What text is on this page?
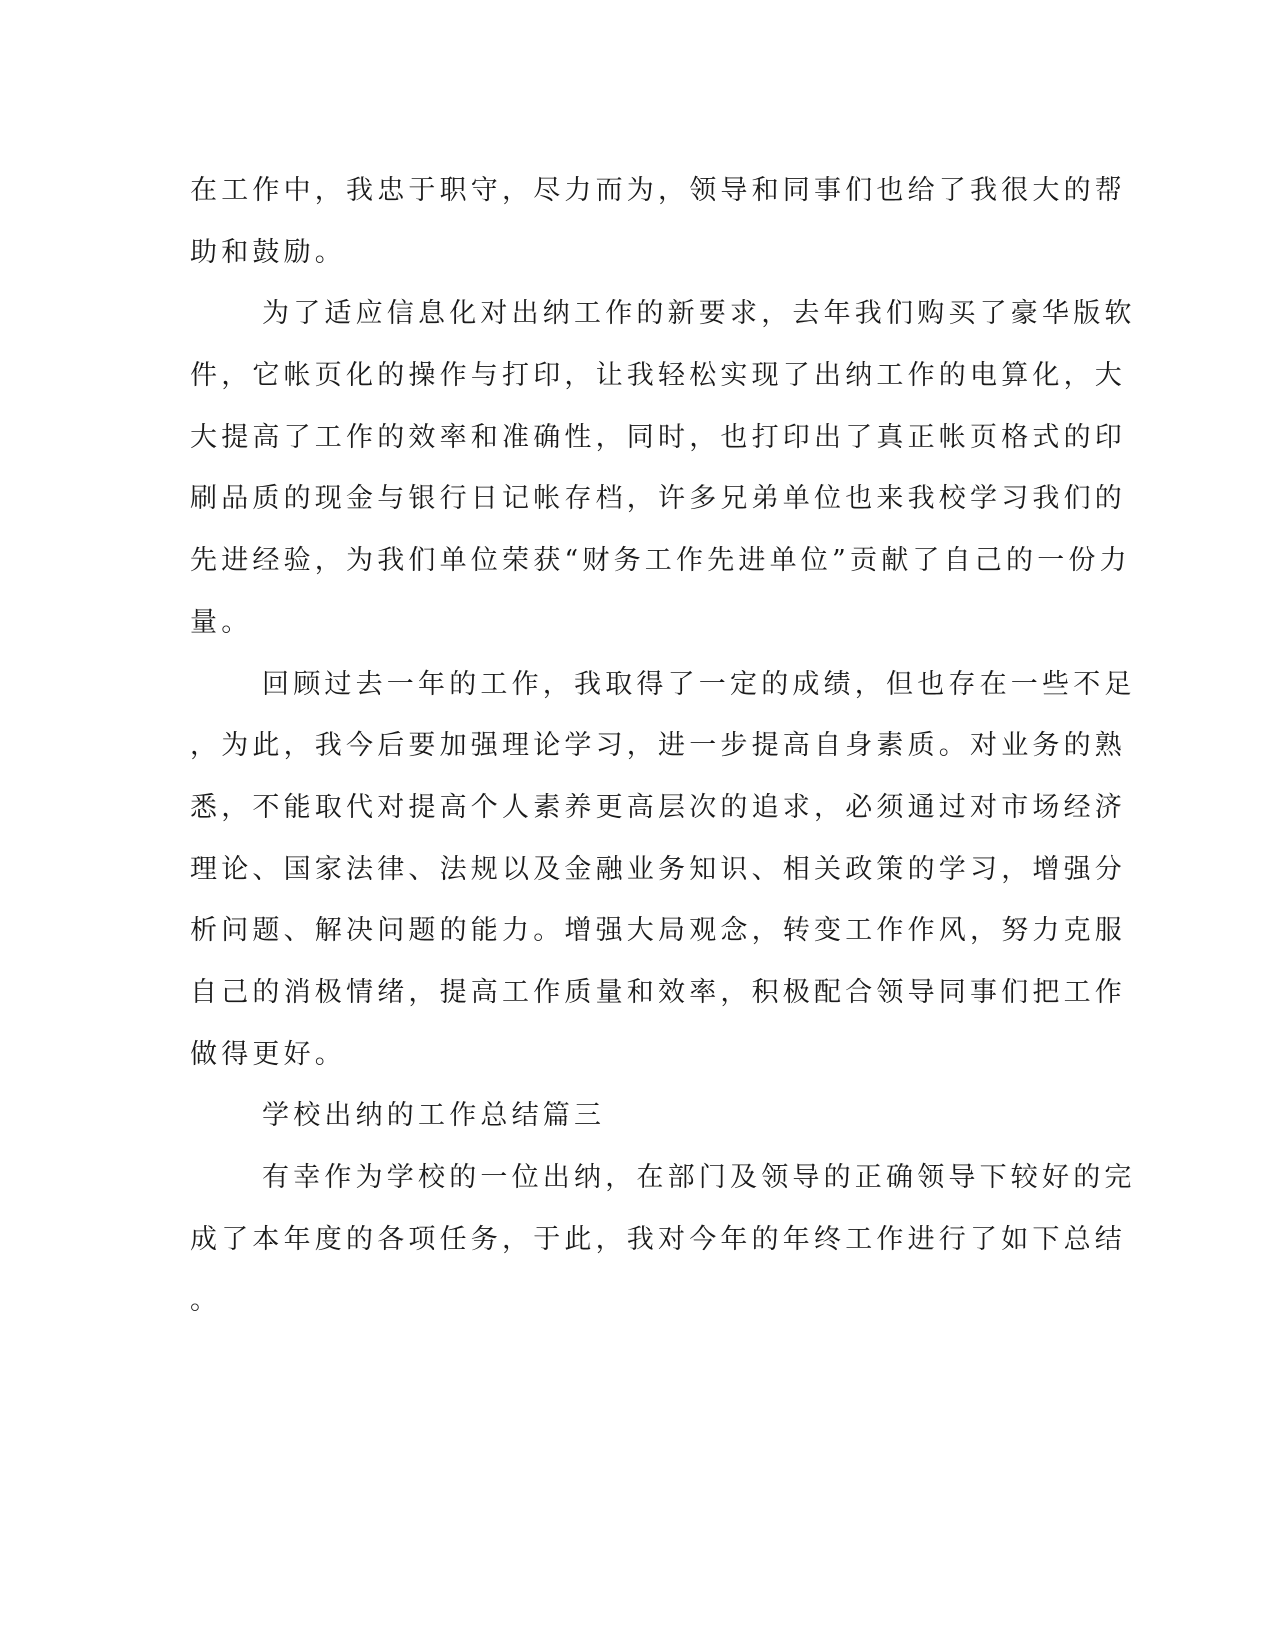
在工作中，我忠于职守，尽力而为，领导和同事们也给了我很大的帮
助和鼓励。
为了适应信息化对出纳工作的新要求，去年我们购买了豪华版软
件，它帐页化的操作与打印，让我轻松实现了出纳工作的电算化，大
大提高了工作的效率和准确性，同时，也打印出了真正帐页格式的印
刷品质的现金与银行日记帐存档，许多兄弟单位也来我校学习我们的
先进经验，为我们单位荣获“财务工作先进单位”贡献了自己的一份力
量。
回顾过去一年的工作，我取得了一定的成绩，但也存在一些不足
，为此，我今后要加强理论学习，进一步提高自身素质。对业务的熟
悉，不能取代对提高个人素养更高层次的追求，必须通过对市场经济
理论、国家法律、法规以及金融业务知识、相关政策的学习，增强分
析问题、解决问题的能力。增强大局观念，转变工作作风，努力克服
自己的消极情绪，提高工作质量和效率，积极配合领导同事们把工作
做得更好。
学校出纳的工作总结篇三
有幸作为学校的一位出纳，在部门及领导的正确领导下较好的完
成了本年度的各项任务，于此，我对今年的年终工作进行了如下总结
。
